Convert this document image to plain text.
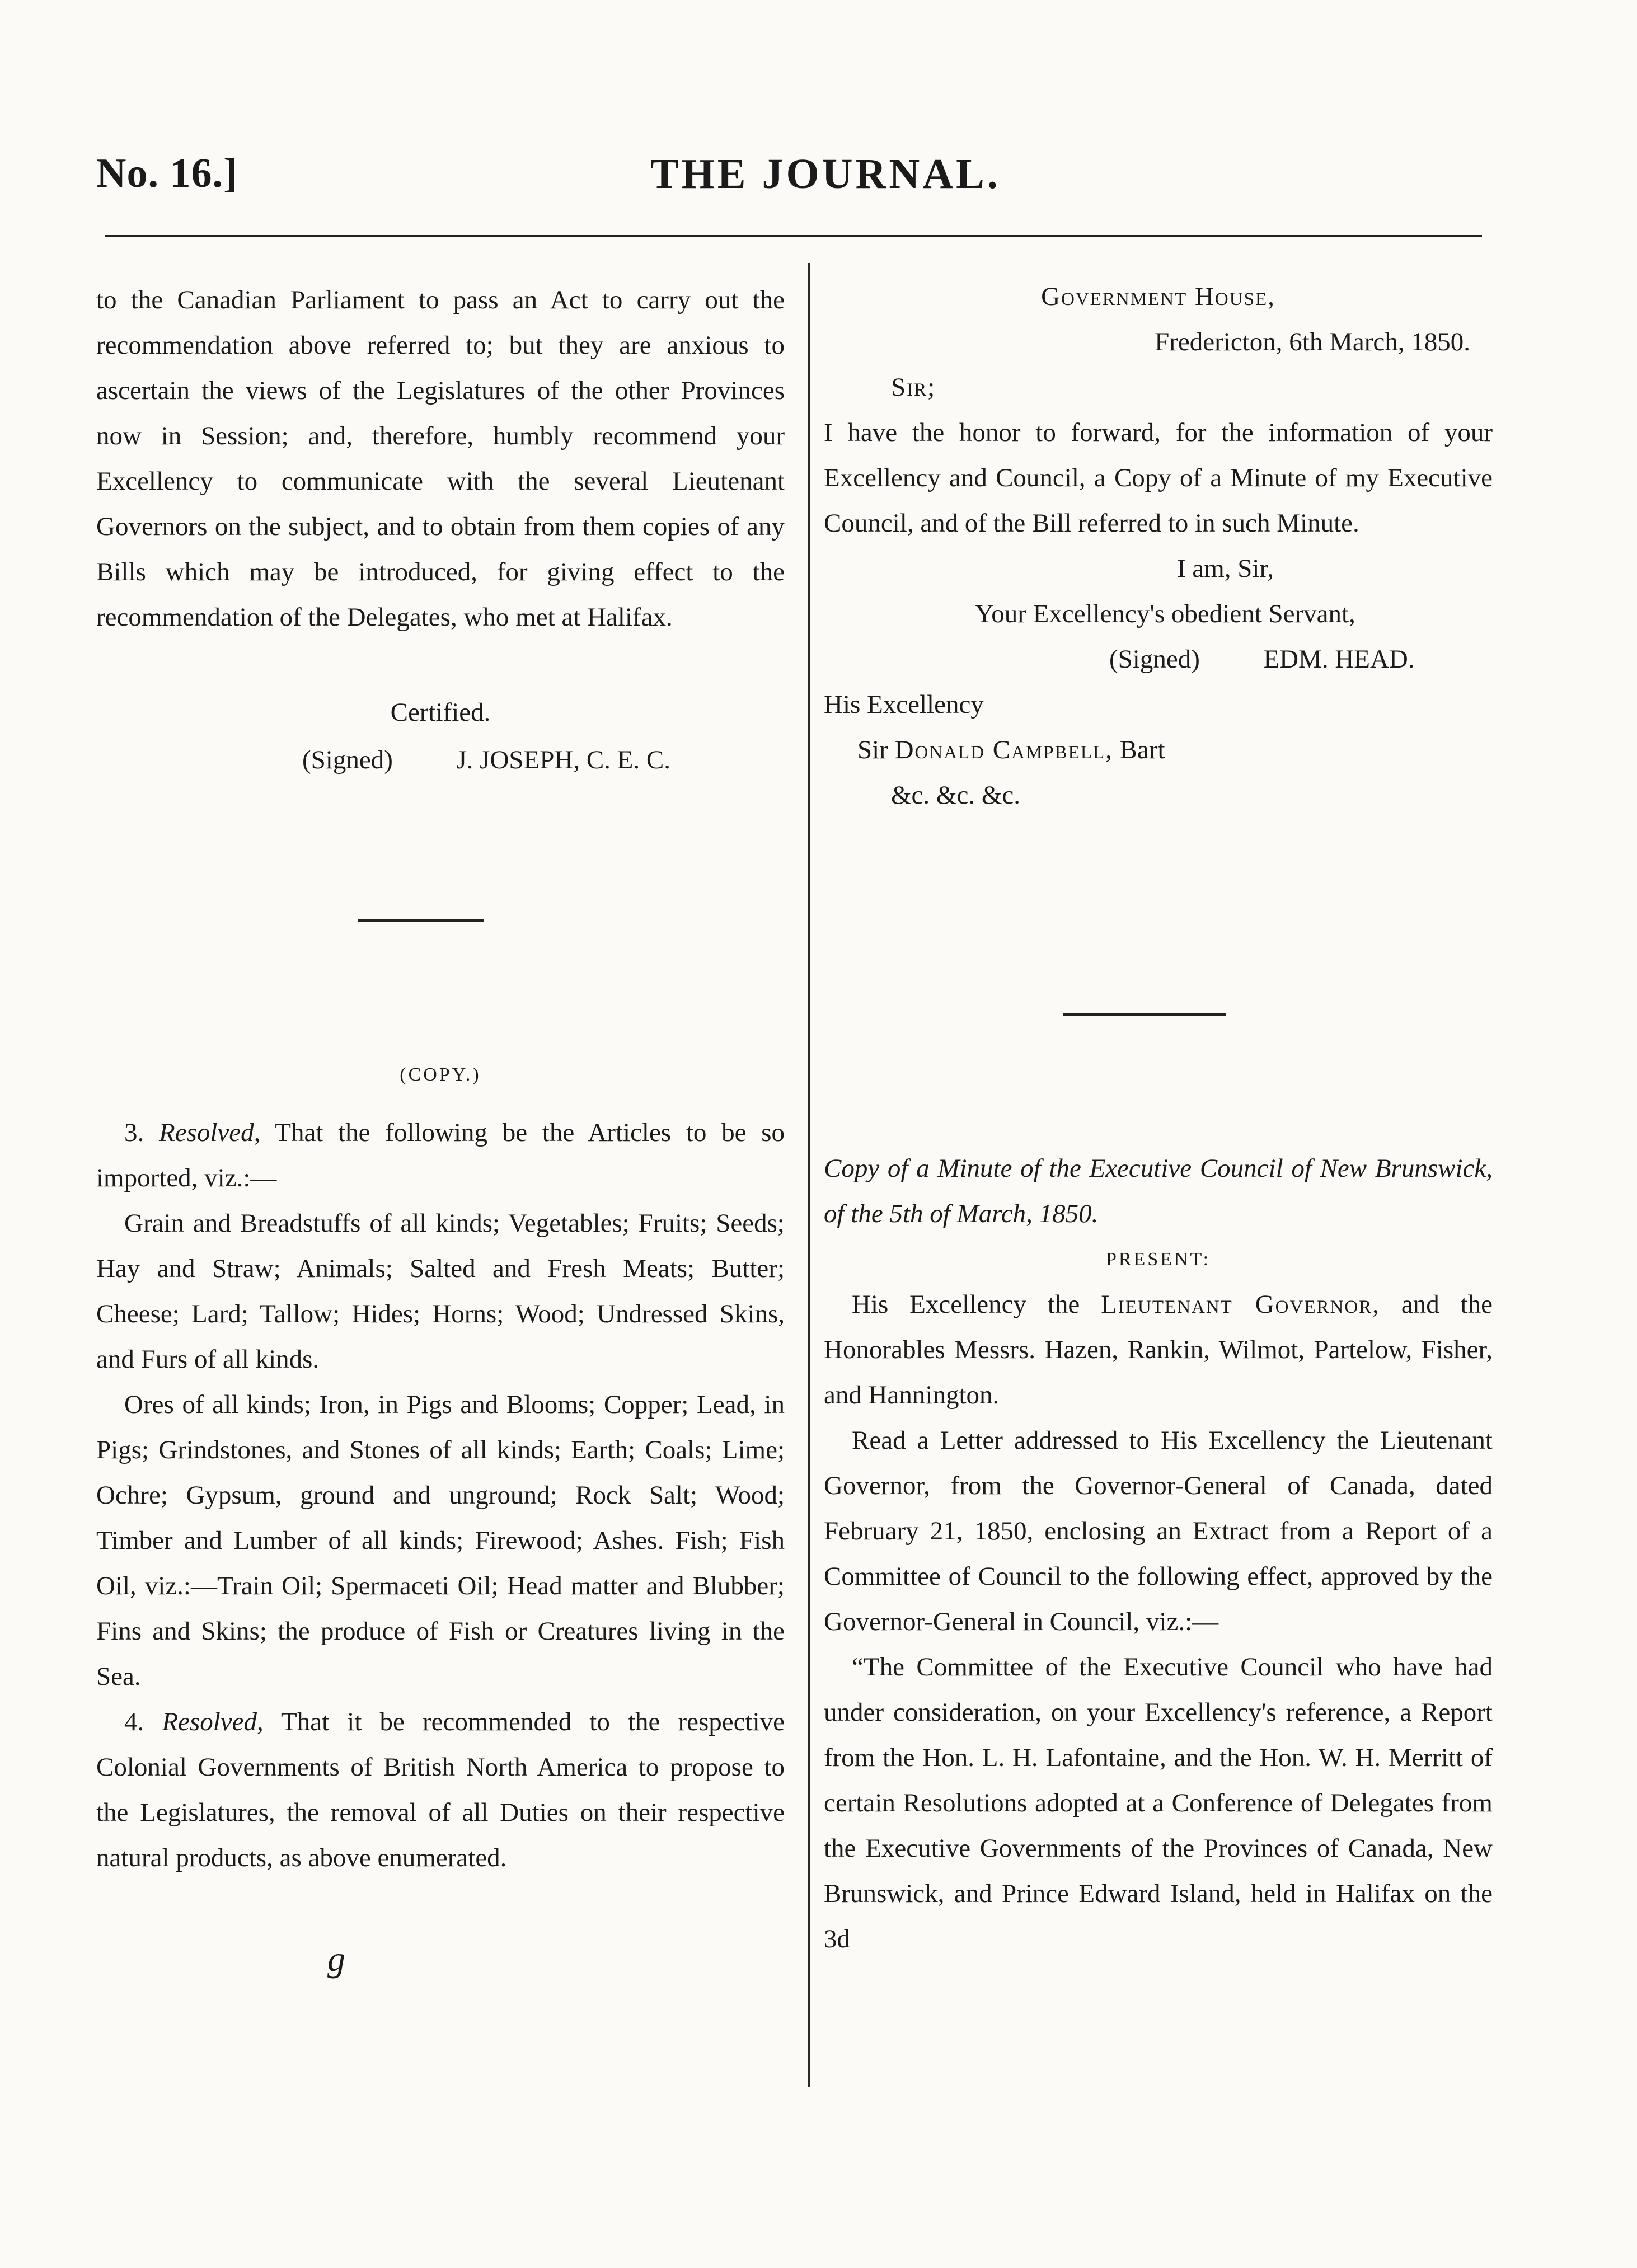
No. 16.]	THE JOURNAL.

to the Canadian Parliament to pass an Act to carry out the recommendation above referred to; but they are anxious to ascertain the views of the Legislatures of the other Provinces now in Session; and, therefore, humbly recommend your Excellency to communicate with the several Lieutenant Governors on the subject, and to obtain from them copies of any Bills which may be introduced, for giving effect to the recommendation of the Delegates, who met at Halifax.

Certified.

(Signed) J. JOSEPH, C. E. C.

(COPY.)

3. Resolved, That the following be the Articles to be so imported, viz.:—

Grain and Breadstuffs of all kinds; Vegetables; Fruits; Seeds; Hay and Straw; Animals; Salted and Fresh Meats; Butter; Cheese; Lard; Tallow; Hides; Horns; Wood; Undressed Skins, and Furs of all kinds.

Ores of all kinds; Iron, in Pigs and Blooms; Copper; Lead, in Pigs; Grindstones, and Stones of all kinds; Earth; Coals; Lime; Ochre; Gypsum, ground and unground; Rock Salt; Wood; Timber and Lumber of all kinds; Firewood; Ashes. Fish; Fish Oil, viz.:—Train Oil; Spermaceti Oil; Head matter and Blubber; Fins and Skins; the produce of Fish or Creatures living in the Sea.

4. Resolved, That it be recommended to the respective Colonial Governments of British North America to propose to the Legislatures, the removal of all Duties on their respective natural products, as above enumerated.

g

Government House,

Fredericton, 6th March, 1850.

Sir;

I have the honor to forward, for the information of your Excellency and Council, a Copy of a Minute of my Executive Council, and of the Bill referred to in such Minute.

I am, Sir,

Your Excellency's obedient Servant,

(Signed) EDM. HEAD.

His Excellency

Sir Donald Campbell, Bart

&c. &c. &c.

Copy of a Minute of the Executive Council of New Brunswick, of the 5th of March, 1850.

PRESENT:

His Excellency the Lieutenant Governor, and the Honorables Messrs. Hazen, Rankin, Wilmot, Partelow, Fisher, and Hannington.

Read a Letter addressed to His Excellency the Lieutenant Governor, from the Governor-General of Canada, dated February 21, 1850, enclosing an Extract from a Report of a Committee of Council to the following effect, approved by the Governor-General in Council, viz.:—

“The Committee of the Executive Council who have had under consideration, on your Excellency's reference, a Report from the Hon. L. H. Lafontaine, and the Hon. W. H. Merritt of certain Resolutions adopted at a Conference of Delegates from the Executive Governments of the Provinces of Canada, New Brunswick, and Prince Edward Island, held in Halifax on the 3d
